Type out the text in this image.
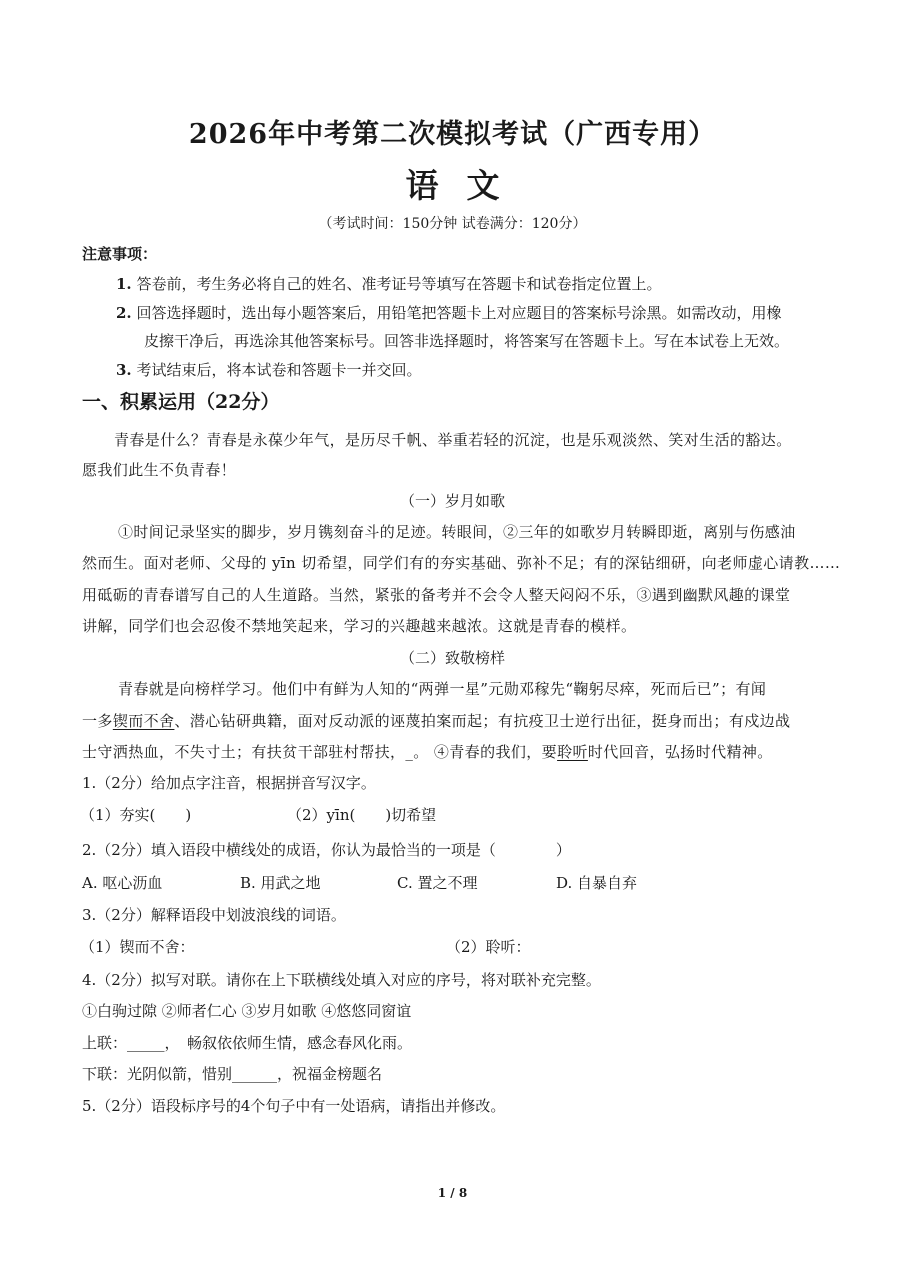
2026年中考第二次模拟考试（广西专用）
语文
（考试时间：150分钟 试卷满分：120分）
注意事项：
1. 答卷前，考生务必将自己的姓名、准考证号等填写在答题卡和试卷指定位置上。
2. 回答选择题时，选出每小题答案后，用铅笔把答题卡上对应题目的答案标号涂黑。如需改动，用橡
皮擦干净后，再选涂其他答案标号。回答非选择题时，将答案写在答题卡上。写在本试卷上无效。
3. 考试结束后，将本试卷和答题卡一并交回。
一、积累运用（22分）
青春是什么？青春是永葆少年气，是历尽千帆、举重若轻的沉淀，也是乐观淡然、笑对生活的豁达。
愿我们此生不负青春！
（一）岁月如歌
①时间记录坚实的脚步，岁月镌刻奋斗的足迹。转眼间，②三年的如歌岁月转瞬即逝，离别与伤感油
然而生。面对老师、父母的 yīn 切希望，同学们有的夯实基础、弥补不足；有的深钻细研，向老师虚心请教……
用砥砺的青春谱写自己的人生道路。当然，紧张的备考并不会令人整天闷闷不乐，③遇到幽默风趣的课堂
讲解，同学们也会忍俊不禁地笑起来，学习的兴趣越来越浓。这就是青春的模样。
（二）致敬榜样
青春就是向榜样学习。他们中有鲜为人知的“两弹一星”元勋邓稼先“鞠躬尽瘁，死而后已”；有闻
一多锲而不舍、潜心钻研典籍，面对反动派的诬蔑拍案而起；有抗疫卫士逆行出征，挺身而出；有戍边战
士守洒热血，不失寸土；有扶贫干部驻村帮扶，_。 ④青春的我们，要聆听时代回音，弘扬时代精神。
1.（2分）给加点字注音，根据拼音写汉字。
（1）夯实(　　)	（2）yīn(　　)切希望
2.（2分）填入语段中横线处的成语，你认为最恰当的一项是（　　　　）
A. 呕心沥血	B. 用武之地	C. 置之不理	D. 自暴自弃
3.（2分）解释语段中划波浪线的词语。
（1）锲而不舍：	（2）聆听：
4.（2分）拟写对联。请你在上下联横线处填入对应的序号，将对联补充完整。
①白驹过隙 ②师者仁心 ③岁月如歌 ④悠悠同窗谊
上联：_____，　畅叙依依师生情，感念春风化雨。
下联：光阴似箭，惜别______，祝福金榜题名
5.（2分）语段标序号的4个句子中有一处语病，请指出并修改。
1 / 8
